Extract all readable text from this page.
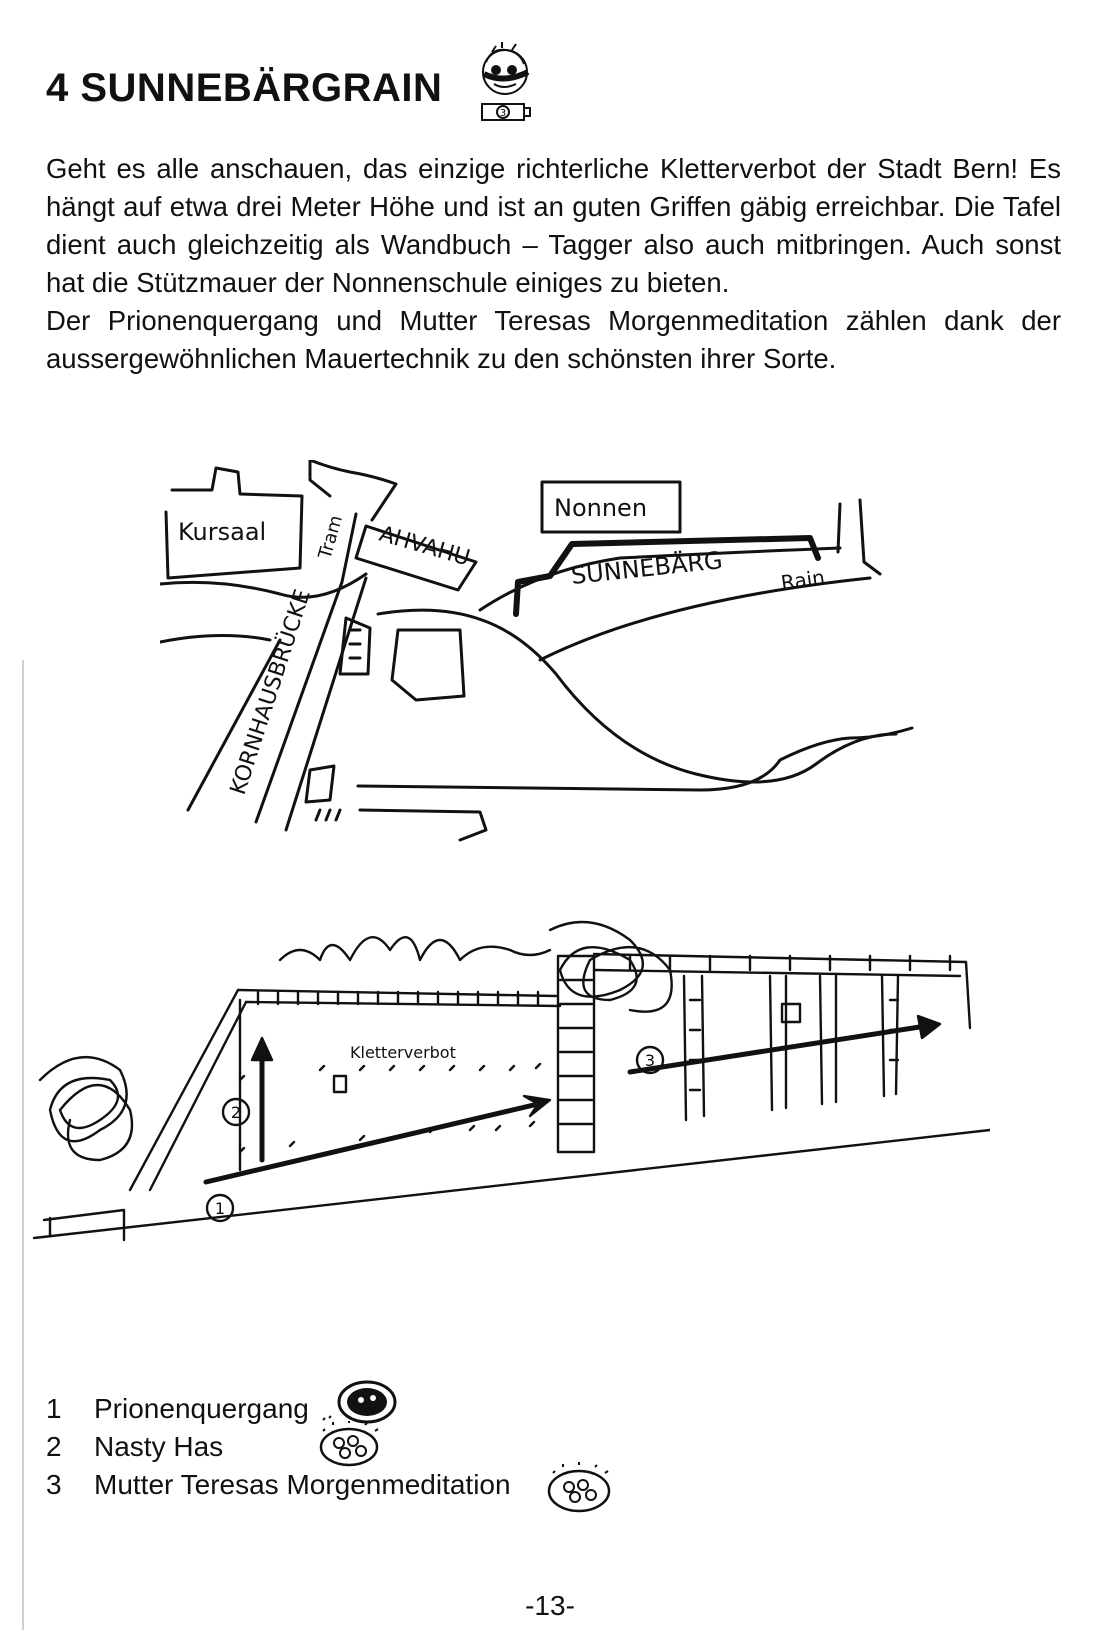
4 SUNNEBÄRGRAIN
3

Geht es alle anschauen, das einzige richterliche Kletterverbot der Stadt Bern! Es hängt auf etwa drei Meter Höhe und ist an guten Griffen gäbig erreichbar. Die Tafel dient auch gleichzeitig als Wandbuch – Tagger also auch mitbringen. Auch sonst hat die Stützmauer der Nonnenschule einiges zu bieten.

Der Prionenquergang und Mutter Teresas Morgenmeditation zählen dank der aussergewöhnlichen Mauertechnik zu den schönsten ihrer Sorte.

Kursaal	Tram AHVAHU
Nonnen
SUNNEBÄRG	Rain
KORNHAUSBRÜCKE
Kletterverbot
1
2
3
1	Prionenquergang
2	Nasty Has
3	Mutter Teresas Morgenmeditation
-13-
